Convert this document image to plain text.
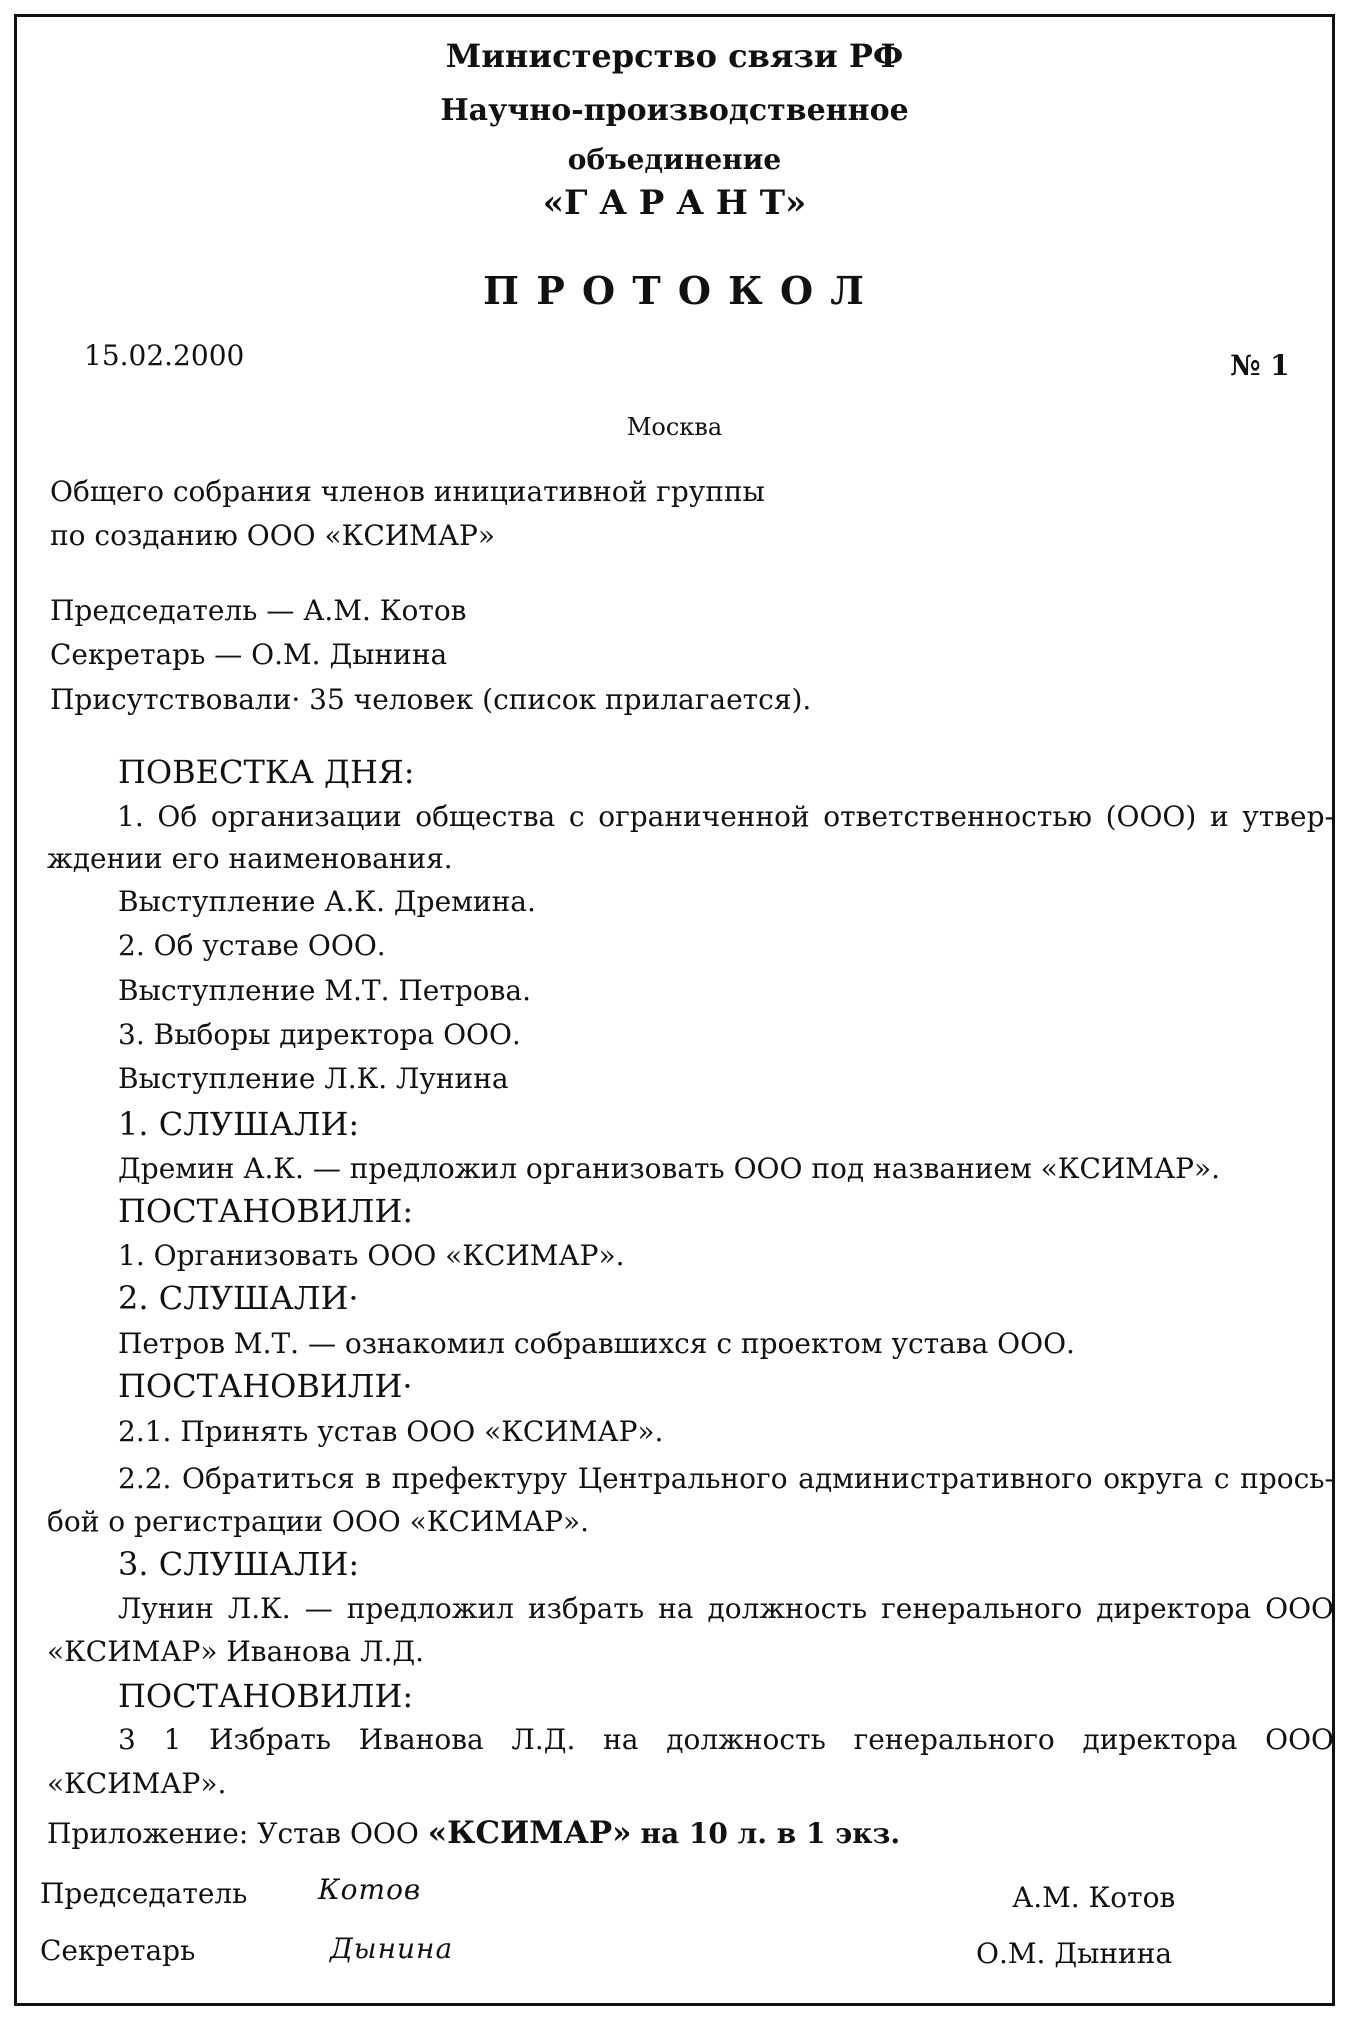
Министерство связи РФ
Научно-производственное
объединение
«Г А Р А Н Т»
П Р О Т О К О Л
15.02.2000	№ 1
Москва
Общего собрания членов инициативной группы
по созданию ООО «КСИМАР»
Председатель — А.М. Котов
Секретарь — О.М. Дынина
Присутствовали· 35 человек (список прилагается).
ПОВЕСТКА ДНЯ:
1. Об организации общества с ограниченной ответственностью (ООО) и утвер-
ждении его наименования.
Выступление А.К. Дремина.
2. Об уставе ООО.
Выступление М.Т. Петрова.
3. Выборы директора ООО.
Выступление Л.К. Лунина
1. СЛУШАЛИ:
Дремин А.К. — предложил организовать ООО под названием «КСИМАР».
ПОСТАНОВИЛИ:
1. Организовать ООО «КСИМАР».
2. СЛУШАЛИ·
Петров М.Т. — ознакомил собравшихся с проектом устава ООО.
ПОСТАНОВИЛИ·
2.1. Принять устав ООО «КСИМАР».
2.2. Обратиться в префектуру Центрального административного округа с прось-
бой о регистрации ООО «КСИМАР».
3. СЛУШАЛИ:
Лунин Л.К. — предложил избрать на должность генерального директора ООО
«КСИМАР» Иванова Л.Д.
ПОСТАНОВИЛИ:
3 1 Избрать Иванова Л.Д. на должность генерального директора ООО
«КСИМАР».
Приложение: Устав ООО «КСИМАР» на 10 л. в 1 экз.
Председатель	Котов	А.М. Котов
Секретарь	Дынина	О.М. Дынина
